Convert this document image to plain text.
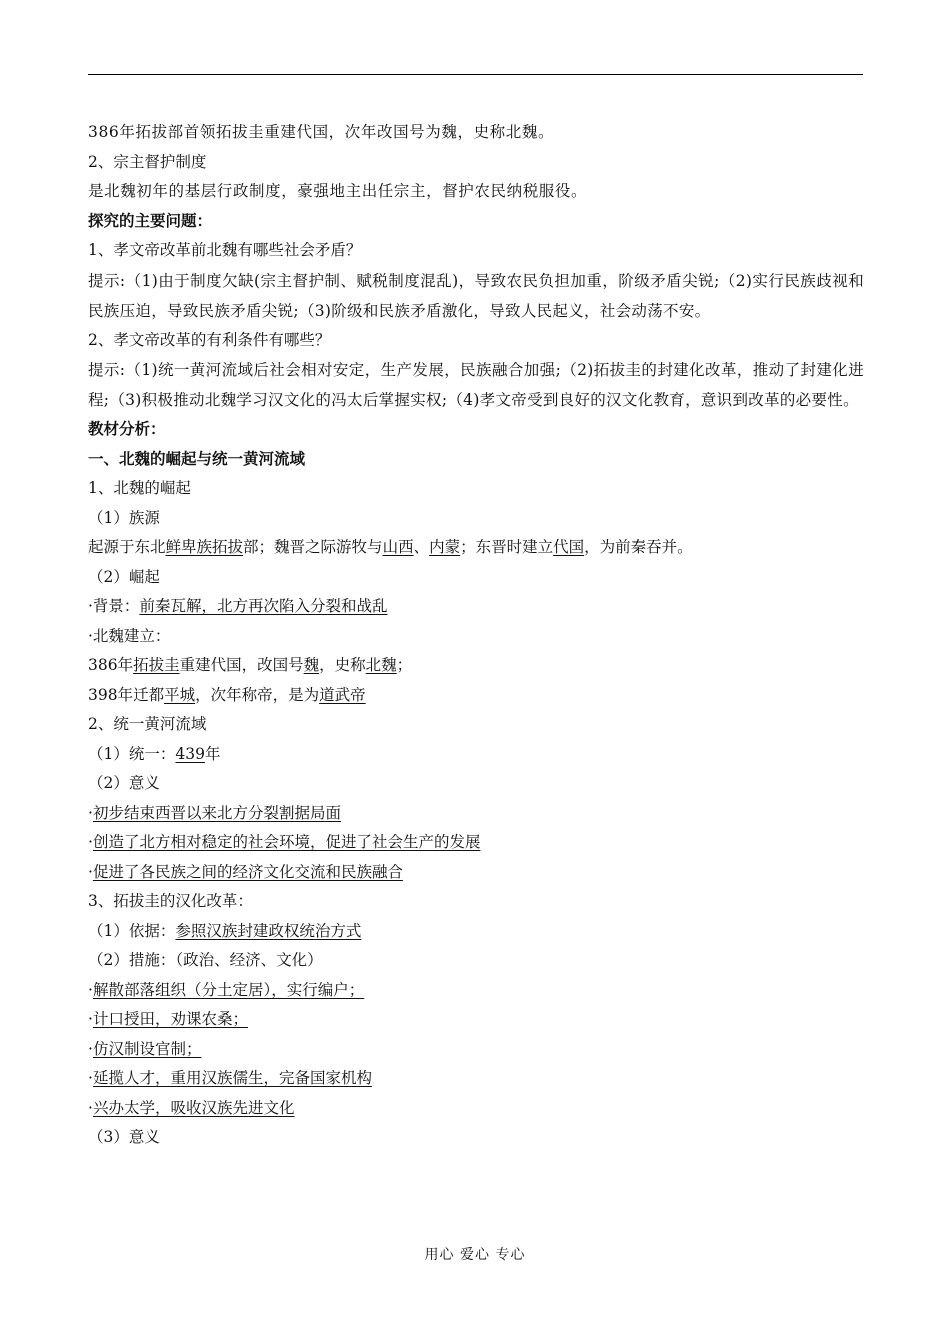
386年拓拔部首领拓拔圭重建代国，次年改国号为魏，史称北魏。

2、宗主督护制度

是北魏初年的基层行政制度，豪强地主出任宗主，督护农民纳税服役。

探究的主要问题：

1、孝文帝改革前北魏有哪些社会矛盾？

提示:（1)由于制度欠缺(宗主督护制、赋税制度混乱)，导致农民负担加重，阶级矛盾尖锐;（2)实行民族歧视和民族压迫，导致民族矛盾尖锐;（3)阶级和民族矛盾激化，导致人民起义，社会动荡不安。

2、孝文帝改革的有利条件有哪些？

提示:（1)统一黄河流域后社会相对安定，生产发展，民族融合加强;（2)拓拔圭的封建化改革，推动了封建化进程;（3)积极推动北魏学习汉文化的冯太后掌握实权;（4)孝文帝受到良好的汉文化教育，意识到改革的必要性。

教材分析：

一、北魏的崛起与统一黄河流域

1、北魏的崛起

（1）族源

起源于东北鲜卑族拓拔部；魏晋之际游牧与山西、内蒙；东晋时建立代国，为前秦吞并。

（2）崛起

·背景：前秦瓦解，北方再次陷入分裂和战乱

·北魏建立：

386年拓拔圭重建代国，改国号魏，史称北魏；

398年迁都平城，次年称帝，是为道武帝

2、统一黄河流域

（1）统一：439年

（2）意义

·初步结束西晋以来北方分裂割据局面

·创造了北方相对稳定的社会环境，促进了社会生产的发展

·促进了各民族之间的经济文化交流和民族融合

3、拓拔圭的汉化改革：

（1）依据：参照汉族封建政权统治方式

（2）措施：（政治、经济、文化）

·解散部落组织（分土定居），实行编户；

·计口授田，劝课农桑；

·仿汉制设官制；

·延揽人才，重用汉族儒生，完备国家机构

·兴办太学，吸收汉族先进文化

（3）意义

用心 爱心 专心
